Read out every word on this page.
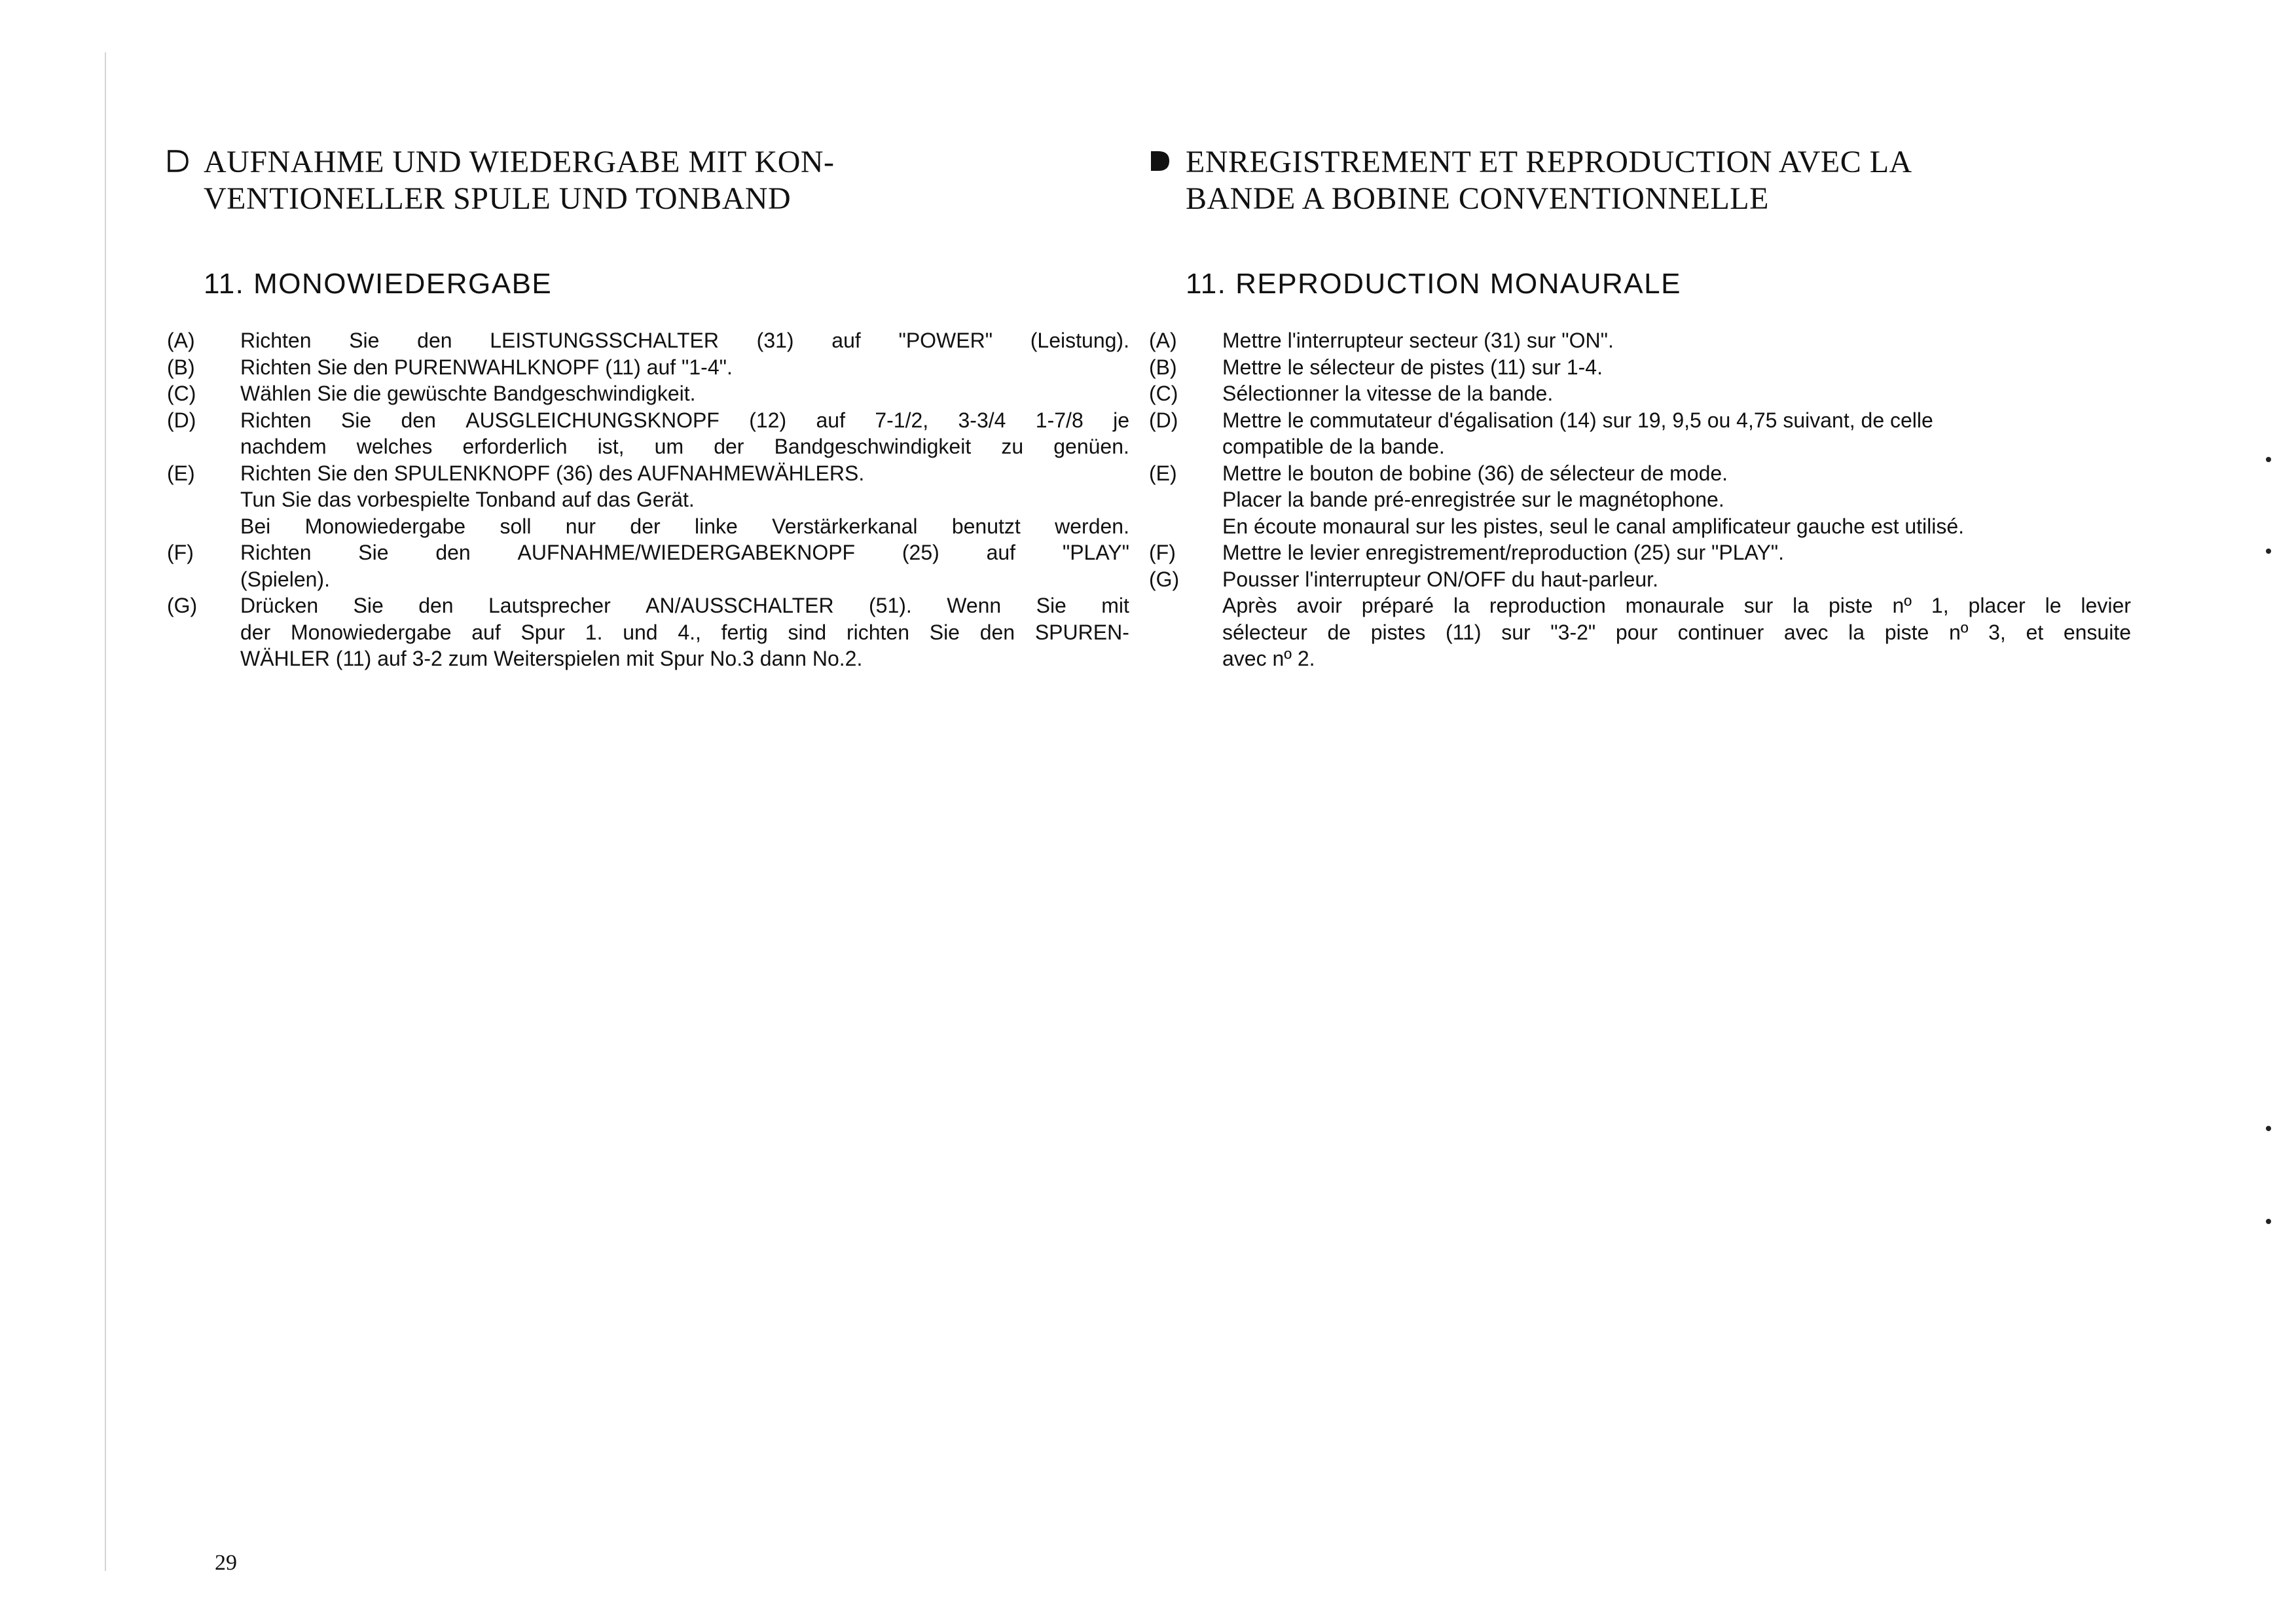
AUFNAHME UND WIEDERGABE MIT KON-
VENTIONELLER SPULE UND TONBAND
11. MONOWIEDERGABE
(A)	Richten Sie den LEISTUNGSSCHALTER (31) auf "POWER" (Leistung).
(B)	Richten Sie den PURENWAHLKNOPF (11) auf "1-4".
(C)	Wählen Sie die gewüschte Bandgeschwindigkeit.
(D)	Richten Sie den AUSGLEICHUNGSKNOPF (12) auf 7-1/2, 3-3/4 1-7/8 je
nachdem welches erforderlich ist, um der Bandgeschwindigkeit zu genüen.
(E)	Richten Sie den SPULENKNOPF (36) des AUFNAHMEWÄHLERS.
Tun Sie das vorbespielte Tonband auf das Gerät.
Bei Monowiedergabe soll nur der linke Verstärkerkanal benutzt werden.
(F)	Richten Sie den AUFNAHME/WIEDERGABEKNOPF (25) auf "PLAY"
(Spielen).
(G)	Drücken Sie den Lautsprecher AN/AUSSCHALTER (51). Wenn Sie mit
der Monowiedergabe auf Spur 1. und 4., fertig sind richten Sie den SPUREN-
WÄHLER (11) auf 3-2 zum Weiterspielen mit Spur No.3 dann No.2.
ENREGISTREMENT ET REPRODUCTION AVEC LA
BANDE A BOBINE CONVENTIONNELLE
11. REPRODUCTION MONAURALE
(A)	Mettre l'interrupteur secteur (31) sur "ON".
(B)	Mettre le sélecteur de pistes (11) sur 1-4.
(C)	Sélectionner la vitesse de la bande.
(D)	Mettre le commutateur d'égalisation (14) sur 19, 9,5 ou 4,75 suivant, de celle
compatible de la bande.
(E)	Mettre le bouton de bobine (36) de sélecteur de mode.
Placer la bande pré-enregistrée sur le magnétophone.
En écoute monaural sur les pistes, seul le canal amplificateur gauche est utilisé.
(F)	Mettre le levier enregistrement/reproduction (25) sur "PLAY".
(G)	Pousser l'interrupteur ON/OFF du haut-parleur.
Après avoir préparé la reproduction monaurale sur la piste nº 1, placer le levier
sélecteur de pistes (11) sur "3-2" pour continuer avec la piste nº 3, et ensuite
avec nº 2.
29
